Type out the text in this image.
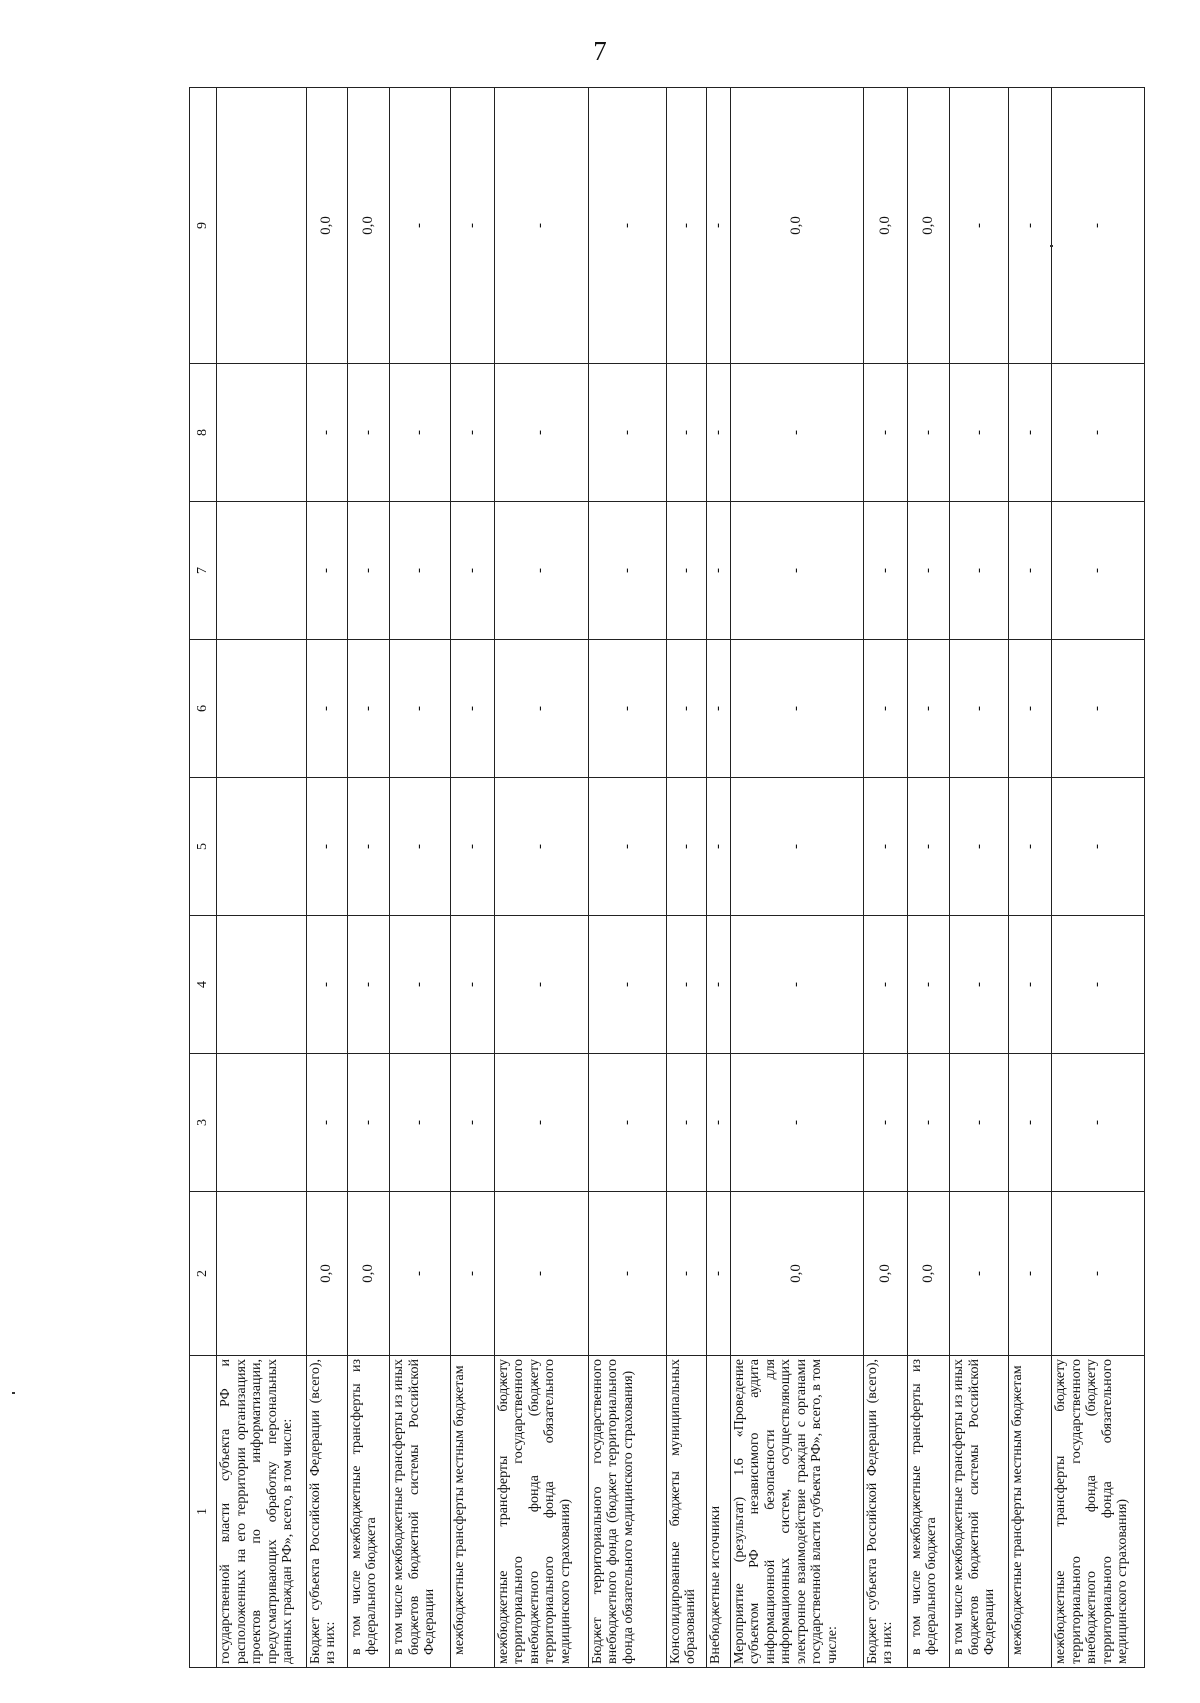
7
1	2	3	4	5	6	7	8	9
государственной власти субъекта РФ и расположенных на его территории организациях проектов по информатизации, предусматривающих обработку персональных данных граждан РФ», всего, в том числе:								
Бюджет субъекта Российской Федерации (всего), из них:	0,0	-	-	-	-	-	-	0,0
в том числе межбюджетные трансферты из федерального бюджета	0,0	-	-	-	-	-	-	0,0
в том числе межбюджетные трансферты из иных бюджетов бюджетной системы Российской Федерации	-	-	-	-	-	-	-	-
межбюджетные трансферты местным бюджетам	-	-	-	-	-	-	-	-
межбюджетные трансферты бюджету территориального государственного внебюджетного фонда (бюджету территориального фонда обязательного медицинского страхования)	-	-	-	-	-	-	-	-
Бюджет территориального государственного внебюджетного фонда (бюджет территориального фонда обязательного медицинского страхования)	-	-	-	-	-	-	-	-
Консолидированные бюджеты муниципальных образований	-	-	-	-	-	-	-	-
Внебюджетные источники	-	-	-	-	-	-	-	-
Мероприятие (результат) 1.6 «Проведение субъектом РФ независимого аудита информационной безопасности для информационных систем, осуществляющих электронное взаимодействие граждан с органами государственной власти субъекта РФ», всего, в том числе:	0,0	-	-	-	-	-	-	0,0
Бюджет субъекта Российской Федерации (всего), из них:	0,0	-	-	-	-	-	-	0,0
в том числе межбюджетные трансферты из федерального бюджета	0,0	-	-	-	-	-	-	0,0
в том числе межбюджетные трансферты из иных бюджетов бюджетной системы Российской Федерации	-	-	-	-	-	-	-	-
межбюджетные трансферты местным бюджетам	-	-	-	-	-	-	-	-
межбюджетные трансферты бюджету территориального государственного внебюджетного фонда (бюджету территориального фонда обязательного медицинского страхования)	-	-	-	-	-	-	-	-
